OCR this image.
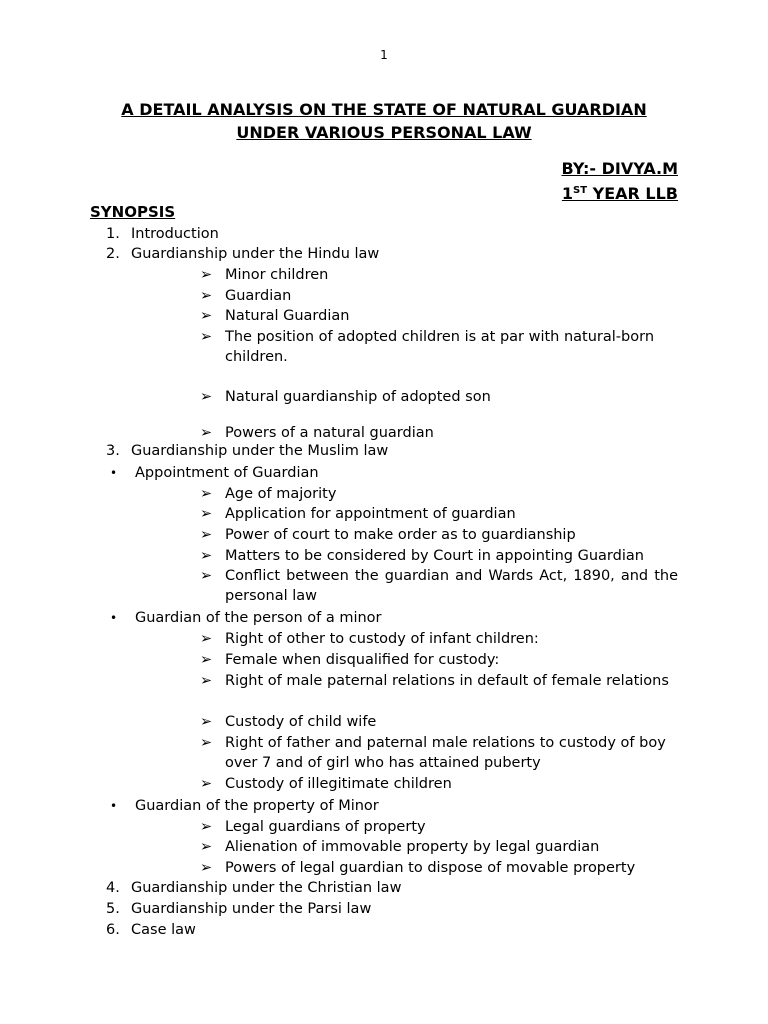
1
A DETAIL ANALYSIS ON THE STATE OF NATURAL GUARDIAN
UNDER VARIOUS PERSONAL LAW
BY:- DIVYA.M
1ST YEAR LLB
SYNOPSIS
1. Introduction
2. Guardianship under the Hindu law
➢ Minor children
➢ Guardian
➢ Natural Guardian
➢ The position of adopted children is at par with natural-born children.
➢ Natural guardianship of adopted son
➢ Powers of a natural guardian
3. Guardianship under the Muslim law
• Appointment of Guardian
➢ Age of majority
➢ Application for appointment of guardian
➢ Power of court to make order as to guardianship
➢ Matters to be considered by Court in appointing Guardian
➢ Conflict between the guardian and Wards Act, 1890, and the personal law
• Guardian of the person of a minor
➢ Right of other to custody of infant children:
➢ Female when disqualified for custody:
➢ Right of male paternal relations in default of female relations
➢ Custody of child wife
➢ Right of father and paternal male relations to custody of boy over 7 and of girl who has attained puberty
➢ Custody of illegitimate children
• Guardian of the property of Minor
➢ Legal guardians of property
➢ Alienation of immovable property by legal guardian
➢ Powers of legal guardian to dispose of movable property
4. Guardianship under the Christian law
5. Guardianship under the Parsi law
6. Case law
